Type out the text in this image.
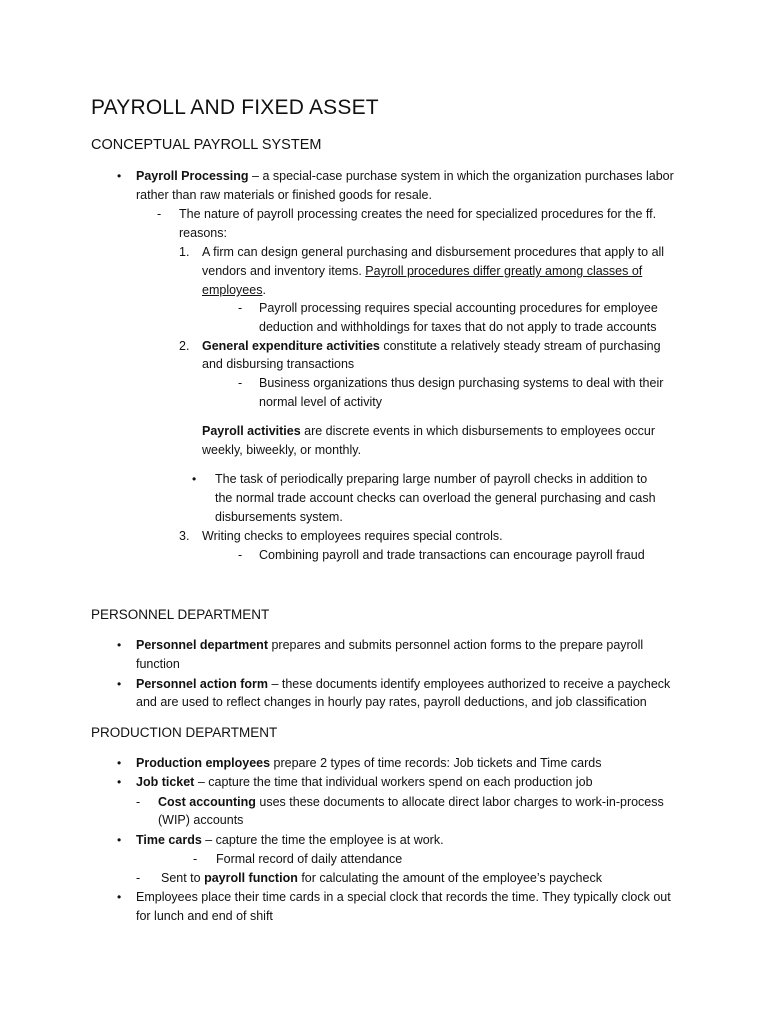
PAYROLL AND FIXED ASSET
CONCEPTUAL PAYROLL SYSTEM
• Payroll Processing – a special-case purchase system in which the organization purchases labor
rather than raw materials or finished goods for resale.
- The nature of payroll processing creates the need for specialized procedures for the ff.
reasons:
1. A firm can design general purchasing and disbursement procedures that apply to all
vendors and inventory items. Payroll procedures differ greatly among classes of
employees.
- Payroll processing requires special accounting procedures for employee
deduction and withholdings for taxes that do not apply to trade accounts
2. General expenditure activities constitute a relatively steady stream of purchasing
and disbursing transactions
- Business organizations thus design purchasing systems to deal with their
normal level of activity
Payroll activities are discrete events in which disbursements to employees occur
weekly, biweekly, or monthly.
• The task of periodically preparing large number of payroll checks in addition to
the normal trade account checks can overload the general purchasing and cash
disbursements system.
3. Writing checks to employees requires special controls.
- Combining payroll and trade transactions can encourage payroll fraud
PERSONNEL DEPARTMENT
• Personnel department prepares and submits personnel action forms to the prepare payroll
function
• Personnel action form – these documents identify employees authorized to receive a paycheck
and are used to reflect changes in hourly pay rates, payroll deductions, and job classification
PRODUCTION DEPARTMENT
• Production employees prepare 2 types of time records: Job tickets and Time cards
• Job ticket – capture the time that individual workers spend on each production job
- Cost accounting uses these documents to allocate direct labor charges to work-in-process
(WIP) accounts
• Time cards – capture the time the employee is at work.
- Formal record of daily attendance
- Sent to payroll function for calculating the amount of the employee’s paycheck
• Employees place their time cards in a special clock that records the time. They typically clock out
for lunch and end of shift
